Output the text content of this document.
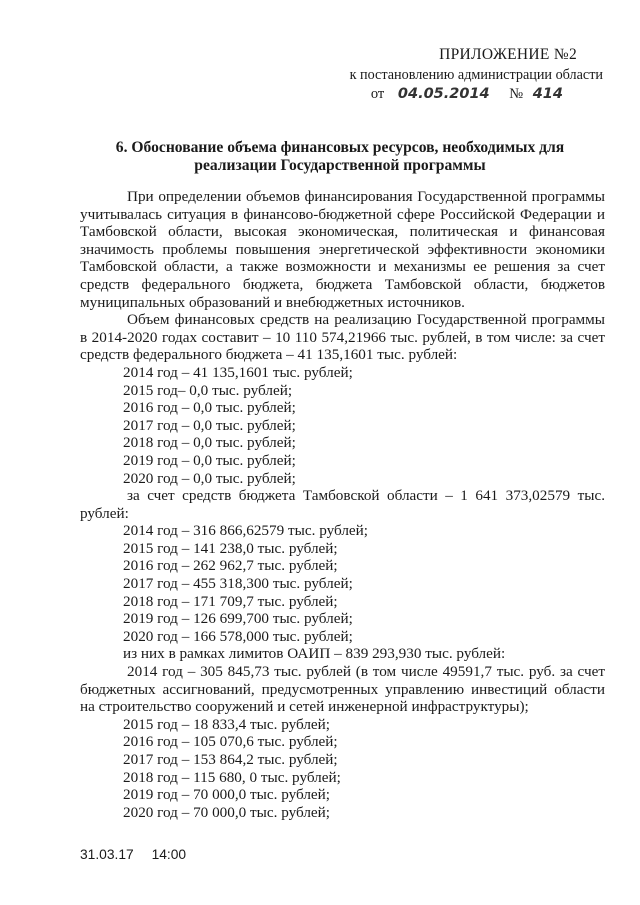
ПРИЛОЖЕНИЕ №2
к постановлению администрации области
от 04.05.2014 № 414
6. Обоснование объема финансовых ресурсов, необходимых для
реализации Государственной программы
При определении объемов финансирования Государственной программы
учитывалась ситуация в финансово-бюджетной сфере Российской Федерации и
Тамбовской области, высокая экономическая, политическая и финансовая
значимость проблемы повышения энергетической эффективности экономики
Тамбовской области, а также возможности и механизмы ее решения за счет
средств федерального бюджета, бюджета Тамбовской области, бюджетов
муниципальных образований и внебюджетных источников.
Объем финансовых средств на реализацию Государственной программы
в 2014-2020 годах составит – 10 110 574,21966 тыс. рублей, в том числе: за счет
средств федерального бюджета – 41 135,1601 тыс. рублей:
2014 год – 41 135,1601 тыс. рублей;
2015 год– 0,0 тыс. рублей;
2016 год – 0,0 тыс. рублей;
2017 год – 0,0 тыс. рублей;
2018 год – 0,0 тыс. рублей;
2019 год – 0,0 тыс. рублей;
2020 год – 0,0 тыс. рублей;
за счет средств бюджета Тамбовской области – 1 641 373,02579 тыс.
рублей:
2014 год – 316 866,62579 тыс. рублей;
2015 год – 141 238,0 тыс. рублей;
2016 год – 262 962,7 тыс. рублей;
2017 год – 455 318,300 тыс. рублей;
2018 год – 171 709,7 тыс. рублей;
2019 год – 126 699,700 тыс. рублей;
2020 год – 166 578,000 тыс. рублей;
из них в рамках лимитов ОАИП – 839 293,930 тыс. рублей:
2014 год – 305 845,73 тыс. рублей (в том числе 49591,7 тыс. руб. за счет
бюджетных ассигнований, предусмотренных управлению инвестиций области
на строительство сооружений и сетей инженерной инфраструктуры);
2015 год – 18 833,4 тыс. рублей;
2016 год – 105 070,6 тыс. рублей;
2017 год – 153 864,2 тыс. рублей;
2018 год – 115 680, 0 тыс. рублей;
2019 год – 70 000,0 тыс. рублей;
2020 год – 70 000,0 тыс. рублей;
31.03.17 14:00
